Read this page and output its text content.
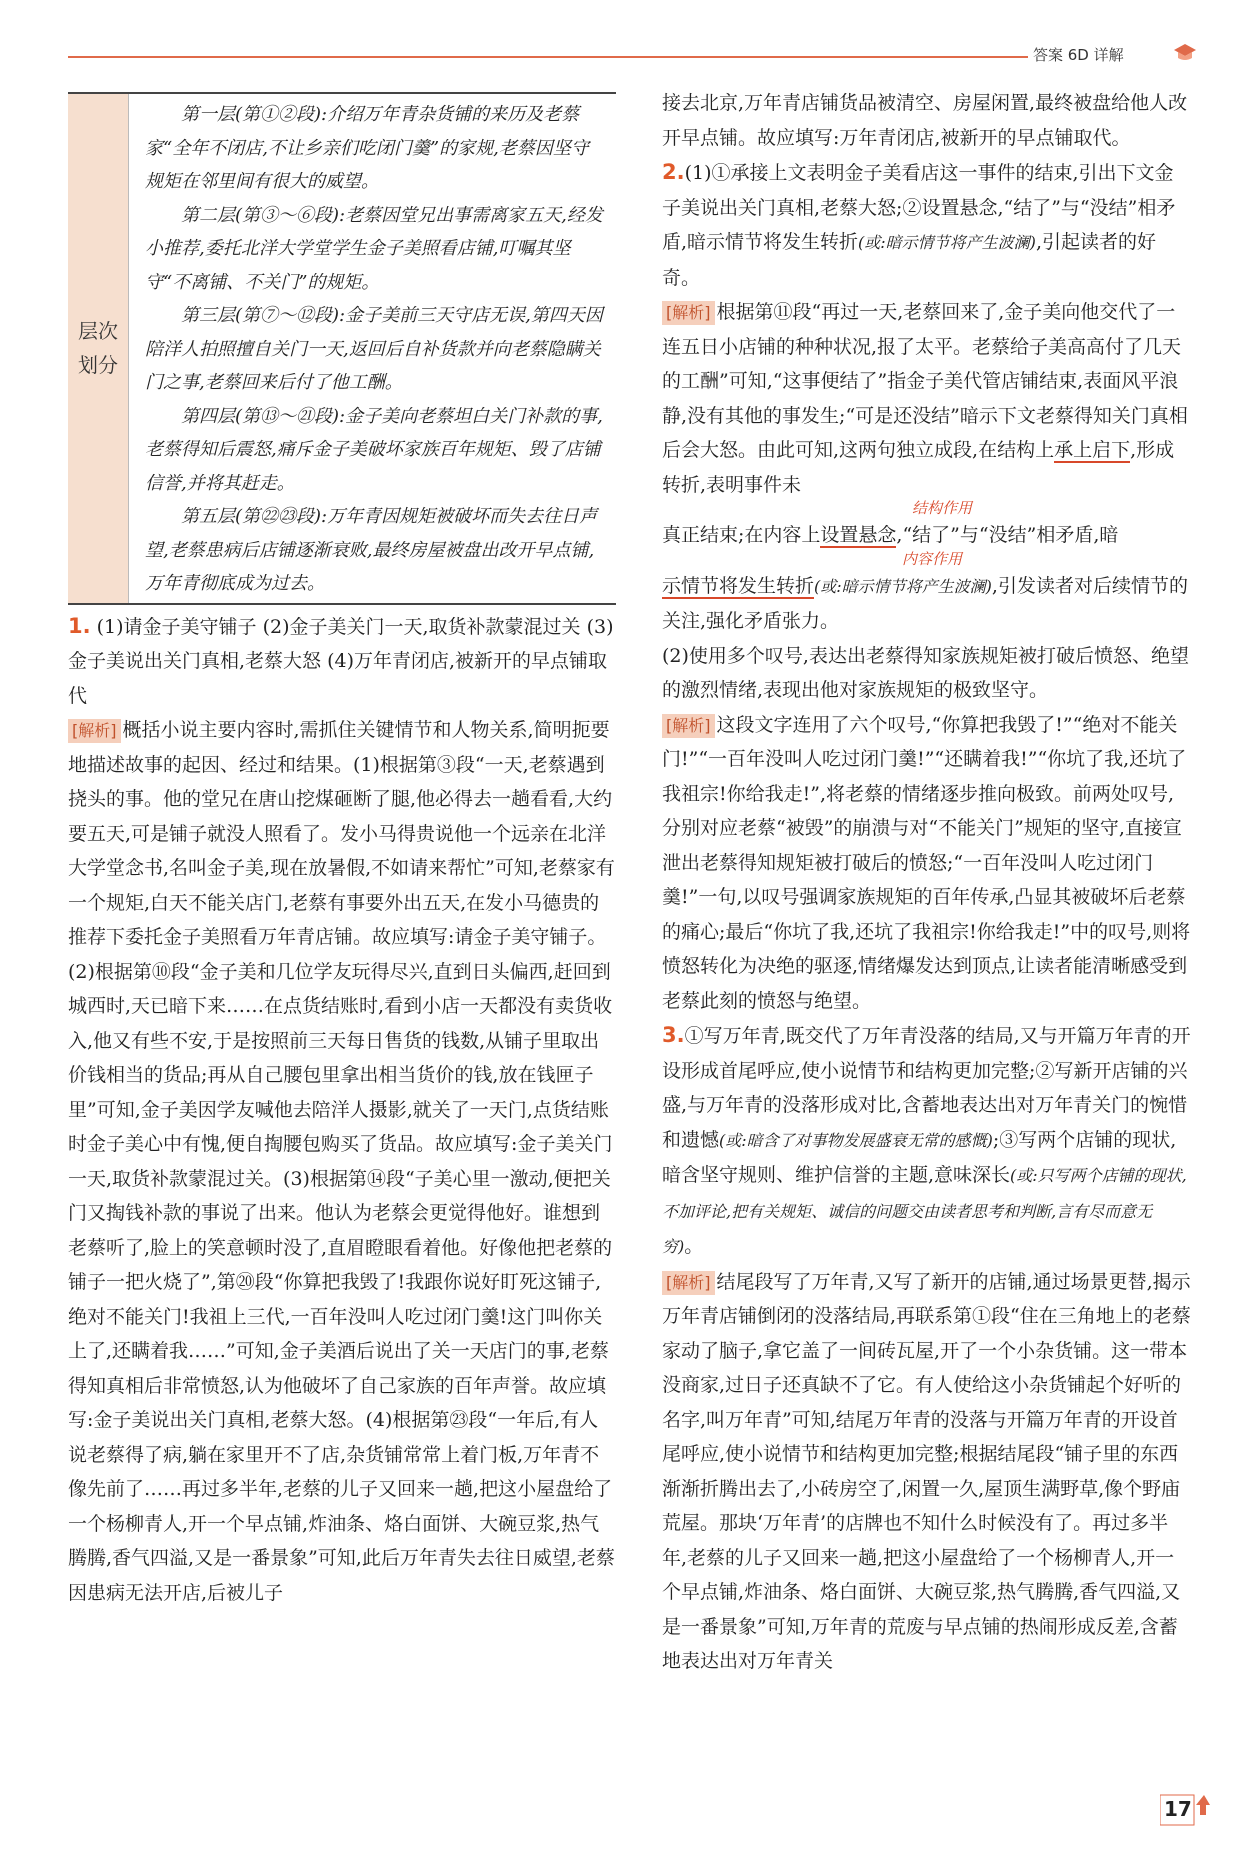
答案 6D 详解
层次划分

第一层(第①②段):介绍万年青杂货铺的来历及老蔡家“全年不闭店,不让乡亲们吃闭门羹”的家规,老蔡因坚守规矩在邻里间有很大的威望。

第二层(第③～⑥段):老蔡因堂兄出事需离家五天,经发小推荐,委托北洋大学堂学生金子美照看店铺,叮嘱其坚守“不离铺、不关门”的规矩。

第三层(第⑦～⑫段):金子美前三天守店无误,第四天因陪洋人拍照擅自关门一天,返回后自补货款并向老蔡隐瞒关门之事,老蔡回来后付了他工酬。

第四层(第⑬～㉑段):金子美向老蔡坦白关门补款的事,老蔡得知后震怒,痛斥金子美破坏家族百年规矩、毁了店铺信誉,并将其赶走。

第五层(第㉒㉓段):万年青因规矩被破坏而失去往日声望,老蔡患病后店铺逐渐衰败,最终房屋被盘出改开早点铺,万年青彻底成为过去。

1. (1)请金子美守铺子 (2)金子美关门一天,取货补款蒙混过关 (3)金子美说出关门真相,老蔡大怒 (4)万年青闭店,被新开的早点铺取代

[解析] 概括小说主要内容时,需抓住关键情节和人物关系,简明扼要地描述故事的起因、经过和结果。(1)根据第③段“一天,老蔡遇到挠头的事。他的堂兄在唐山挖煤砸断了腿,他必得去一趟看看,大约要五天,可是铺子就没人照看了。发小马得贵说他一个远亲在北洋大学堂念书,名叫金子美,现在放暑假,不如请来帮忙”可知,老蔡家有一个规矩,白天不能关店门,老蔡有事要外出五天,在发小马德贵的推荐下委托金子美照看万年青店铺。故应填写:请金子美守铺子。(2)根据第⑩段“金子美和几位学友玩得尽兴,直到日头偏西,赶回到城西时,天已暗下来……在点货结账时,看到小店一天都没有卖货收入,他又有些不安,于是按照前三天每日售货的钱数,从铺子里取出价钱相当的货品;再从自己腰包里拿出相当货价的钱,放在钱匣子里”可知,金子美因学友喊他去陪洋人摄影,就关了一天门,点货结账时金子美心中有愧,便自掏腰包购买了货品。故应填写:金子美关门一天,取货补款蒙混过关。(3)根据第⑭段“子美心里一激动,便把关门又掏钱补款的事说了出来。他认为老蔡会更觉得他好。谁想到老蔡听了,脸上的笑意顿时没了,直眉瞪眼看着他。好像他把老蔡的铺子一把火烧了”,第⑳段“你算把我毁了!我跟你说好盯死这铺子,绝对不能关门!我祖上三代,一百年没叫人吃过闭门羹!这门叫你关上了,还瞒着我……”可知,金子美酒后说出了关一天店门的事,老蔡得知真相后非常愤怒,认为他破坏了自己家族的百年声誉。故应填写:金子美说出关门真相,老蔡大怒。(4)根据第㉓段“一年后,有人说老蔡得了病,躺在家里开不了店,杂货铺常常上着门板,万年青不像先前了……再过多半年,老蔡的儿子又回来一趟,把这小屋盘给了一个杨柳青人,开一个早点铺,炸油条、烙白面饼、大碗豆浆,热气腾腾,香气四溢,又是一番景象”可知,此后万年青失去往日威望,老蔡因患病无法开店,后被儿子

接去北京,万年青店铺货品被清空、房屋闲置,最终被盘给他人改开早点铺。故应填写:万年青闭店,被新开的早点铺取代。

2.(1)①承接上文表明金子美看店这一事件的结束,引出下文金子美说出关门真相,老蔡大怒;②设置悬念,“结了”与“没结”相矛盾,暗示情节将发生转折(或:暗示情节将产生波澜),引起读者的好奇。

[解析] 根据第⑪段“再过一天,老蔡回来了,金子美向他交代了一连五日小店铺的种种状况,报了太平。老蔡给子美高高付了几天的工酬”可知,“这事便结了”指金子美代管店铺结束,表面风平浪静,没有其他的事发生;“可是还没结”暗示下文老蔡得知关门真相后会大怒。由此可知,这两句独立成段,在结构上承上启下,形成转折,表明事件未

结构作用

真正结束;在内容上设置悬念,“结了”与“没结”相矛盾,暗

内容作用

示情节将发生转折(或:暗示情节将产生波澜),引发读者对后续情节的关注,强化矛盾张力。

(2)使用多个叹号,表达出老蔡得知家族规矩被打破后愤怒、绝望的激烈情绪,表现出他对家族规矩的极致坚守。

[解析] 这段文字连用了六个叹号,“你算把我毁了!”“绝对不能关门!”“一百年没叫人吃过闭门羹!”“还瞒着我!”“你坑了我,还坑了我祖宗!你给我走!”,将老蔡的情绪逐步推向极致。前两处叹号,分别对应老蔡“被毁”的崩溃与对“不能关门”规矩的坚守,直接宣泄出老蔡得知规矩被打破后的愤怒;“一百年没叫人吃过闭门羹!”一句,以叹号强调家族规矩的百年传承,凸显其被破坏后老蔡的痛心;最后“你坑了我,还坑了我祖宗!你给我走!”中的叹号,则将愤怒转化为决绝的驱逐,情绪爆发达到顶点,让读者能清晰感受到老蔡此刻的愤怒与绝望。

3.①写万年青,既交代了万年青没落的结局,又与开篇万年青的开设形成首尾呼应,使小说情节和结构更加完整;②写新开店铺的兴盛,与万年青的没落形成对比,含蓄地表达出对万年青关门的惋惜和遗憾(或:暗含了对事物发展盛衰无常的感慨);③写两个店铺的现状,暗含坚守规则、维护信誉的主题,意味深长(或:只写两个店铺的现状,不加评论,把有关规矩、诚信的问题交由读者思考和判断,言有尽而意无穷)。

[解析] 结尾段写了万年青,又写了新开的店铺,通过场景更替,揭示万年青店铺倒闭的没落结局,再联系第①段“住在三角地上的老蔡家动了脑子,拿它盖了一间砖瓦屋,开了一个小杂货铺。这一带本没商家,过日子还真缺不了它。有人使给这小杂货铺起个好听的名字,叫万年青”可知,结尾万年青的没落与开篇万年青的开设首尾呼应,使小说情节和结构更加完整;根据结尾段“铺子里的东西渐渐折腾出去了,小砖房空了,闲置一久,屋顶生满野草,像个野庙荒屋。那块‘万年青’的店牌也不知什么时候没有了。再过多半年,老蔡的儿子又回来一趟,把这小屋盘给了一个杨柳青人,开一个早点铺,炸油条、烙白面饼、大碗豆浆,热气腾腾,香气四溢,又是一番景象”可知,万年青的荒废与早点铺的热闹形成反差,含蓄地表达出对万年青关

17
